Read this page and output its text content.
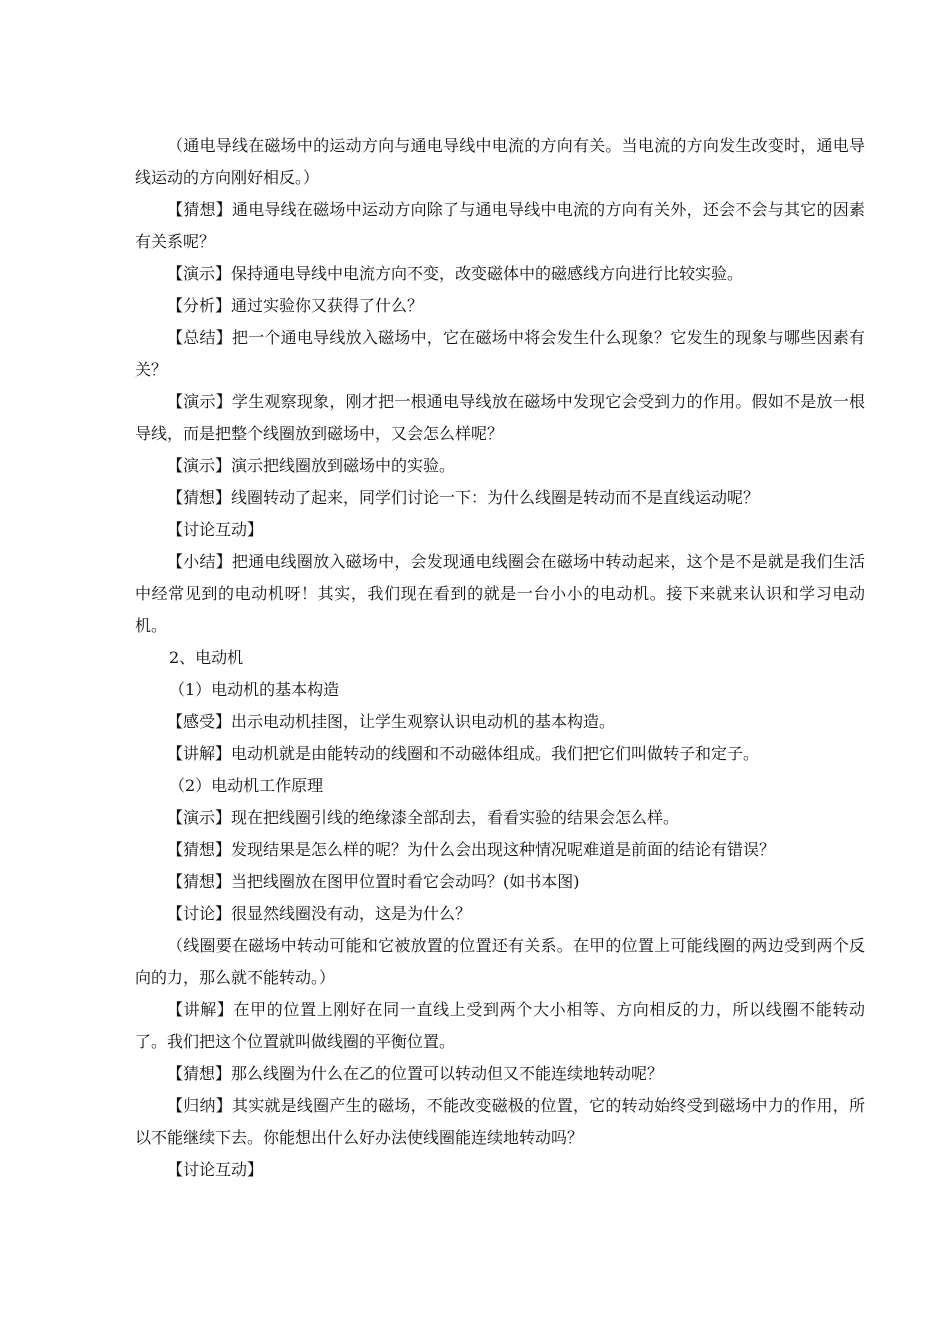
（通电导线在磁场中的运动方向与通电导线中电流的方向有关。当电流的方向发生改变时，通电导线运动的方向刚好相反。）

【猜想】通电导线在磁场中运动方向除了与通电导线中电流的方向有关外，还会不会与其它的因素有关系呢？

【演示】保持通电导线中电流方向不变，改变磁体中的磁感线方向进行比较实验。

【分析】通过实验你又获得了什么？

【总结】把一个通电导线放入磁场中，它在磁场中将会发生什么现象？它发生的现象与哪些因素有关？

【演示】学生观察现象，刚才把一根通电导线放在磁场中发现它会受到力的作用。假如不是放一根导线，而是把整个线圈放到磁场中，又会怎么样呢？

【演示】演示把线圈放到磁场中的实验。

【猜想】线圈转动了起来，同学们讨论一下：为什么线圈是转动而不是直线运动呢？

【讨论互动】

【小结】把通电线圈放入磁场中，会发现通电线圈会在磁场中转动起来，这个是不是就是我们生活中经常见到的电动机呀！其实，我们现在看到的就是一台小小的电动机。接下来就来认识和学习电动机。

2、电动机

（1）电动机的基本构造

【感受】出示电动机挂图，让学生观察认识电动机的基本构造。

【讲解】电动机就是由能转动的线圈和不动磁体组成。我们把它们叫做转子和定子。

（2）电动机工作原理

【演示】现在把线圈引线的绝缘漆全部刮去，看看实验的结果会怎么样。

【猜想】发现结果是怎么样的呢？为什么会出现这种情况呢难道是前面的结论有错误？

【猜想】当把线圈放在图甲位置时看它会动吗？(如书本图)

【讨论】很显然线圈没有动，这是为什么？

（线圈要在磁场中转动可能和它被放置的位置还有关系。在甲的位置上可能线圈的两边受到两个反向的力，那么就不能转动。）

【讲解】在甲的位置上刚好在同一直线上受到两个大小相等、方向相反的力，所以线圈不能转动了。我们把这个位置就叫做线圈的平衡位置。

【猜想】那么线圈为什么在乙的位置可以转动但又不能连续地转动呢？

【归纳】其实就是线圈产生的磁场，不能改变磁极的位置，它的转动始终受到磁场中力的作用，所以不能继续下去。你能想出什么好办法使线圈能连续地转动吗？

【讨论互动】
